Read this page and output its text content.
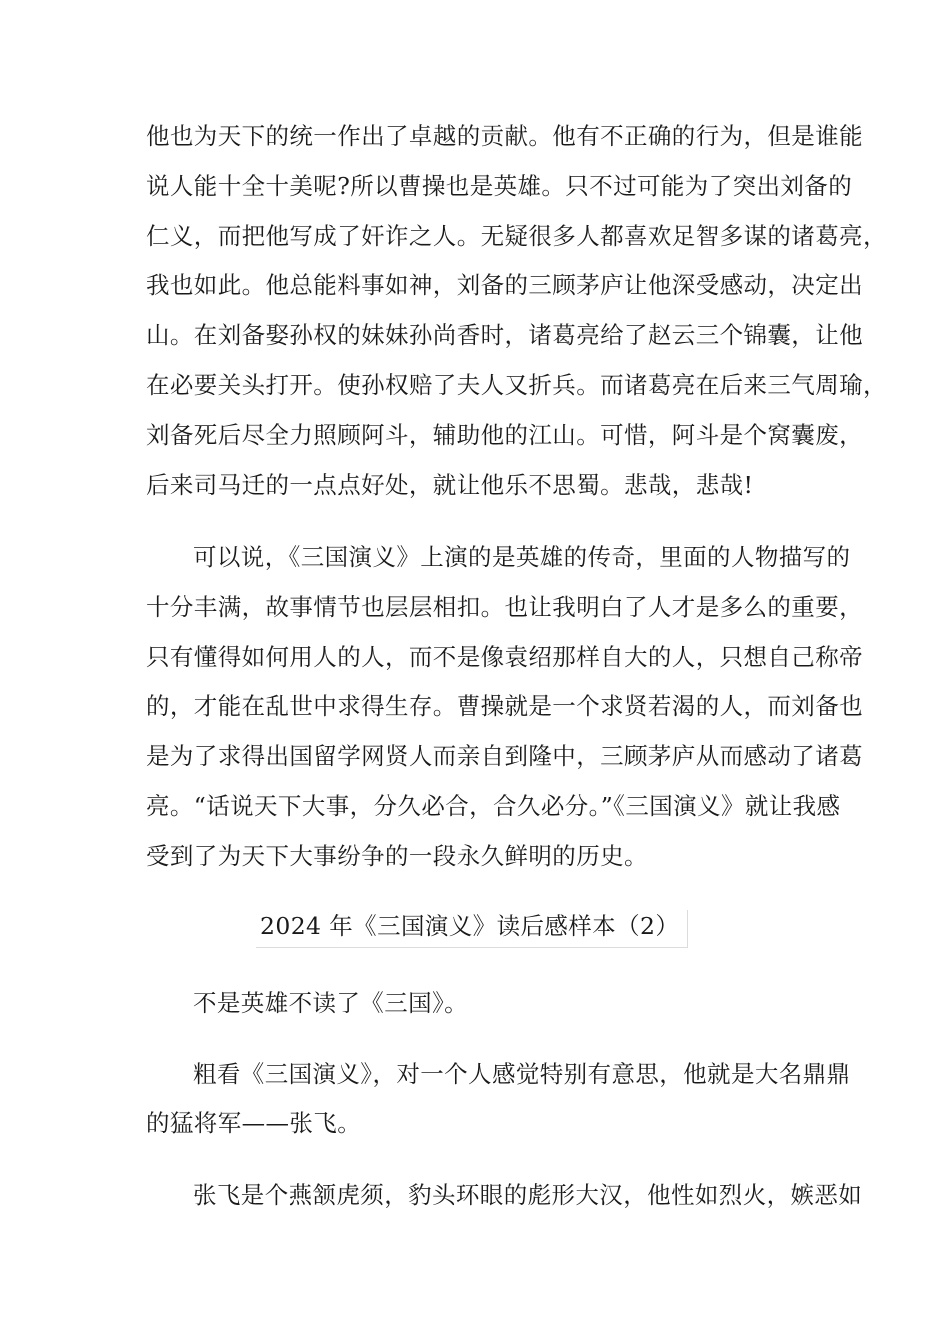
他也为天下的统一作出了卓越的贡献。他有不正确的行为，但是谁能
说人能十全十美呢?所以曹操也是英雄。只不过可能为了突出刘备的
仁义，而把他写成了奸诈之人。无疑很多人都喜欢足智多谋的诸葛亮，
我也如此。他总能料事如神，刘备的三顾茅庐让他深受感动，决定出
山。在刘备娶孙权的妹妹孙尚香时，诸葛亮给了赵云三个锦囊，让他
在必要关头打开。使孙权赔了夫人又折兵。而诸葛亮在后来三气周瑜，
刘备死后尽全力照顾阿斗，辅助他的江山。可惜，阿斗是个窝囊废，
后来司马迁的一点点好处，就让他乐不思蜀。悲哉，悲哉!
可以说，《三国演义》上演的是英雄的传奇，里面的人物描写的
十分丰满，故事情节也层层相扣。也让我明白了人才是多么的重要，
只有懂得如何用人的人，而不是像袁绍那样自大的人，只想自己称帝
的，才能在乱世中求得生存。曹操就是一个求贤若渴的人，而刘备也
是为了求得出国留学网贤人而亲自到隆中，三顾茅庐从而感动了诸葛
亮。“话说天下大事，分久必合，合久必分。”《三国演义》就让我感
受到了为天下大事纷争的一段永久鲜明的历史。
2024 年《三国演义》读后感样本（2）
不是英雄不读了《三国》。
粗看《三国演义》，对一个人感觉特别有意思，他就是大名鼎鼎
的猛将军——张飞。
张飞是个燕颔虎须，豹头环眼的彪形大汉，他性如烈火，嫉恶如
